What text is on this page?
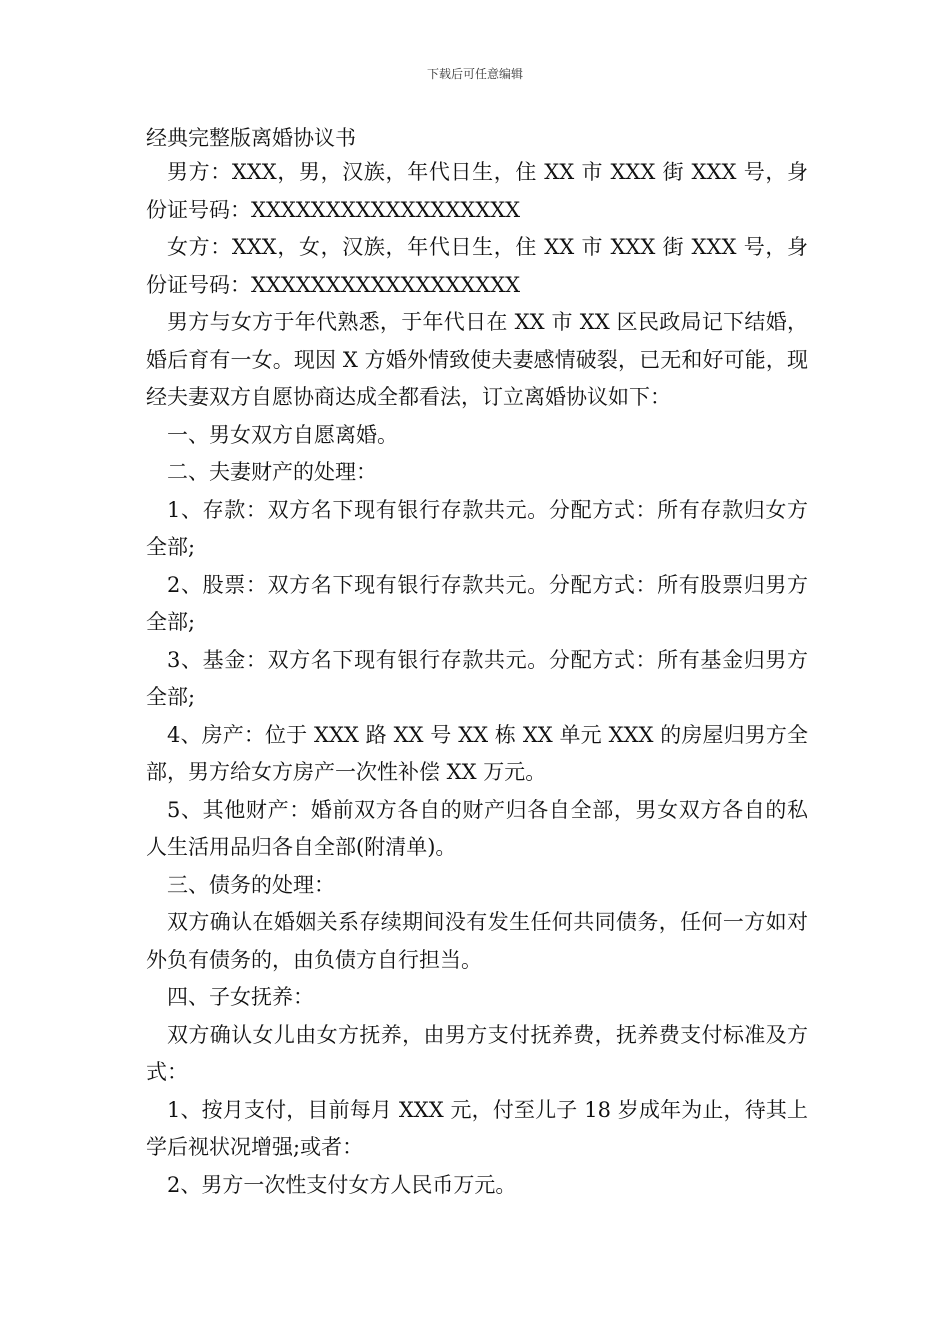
下载后可任意编辑
经典完整版离婚协议书

男方：XXX，男，汉族，年代日生，住 XX 市 XXX 街 XXX 号，身份证号码：XXXXXXXXXXXXXXXXXX

女方：XXX，女，汉族，年代日生，住 XX 市 XXX 街 XXX 号，身份证号码：XXXXXXXXXXXXXXXXXX

男方与女方于年代熟悉，于年代日在 XX 市 XX 区民政局记下结婚，婚后育有一女。现因 X 方婚外情致使夫妻感情破裂，已无和好可能，现经夫妻双方自愿协商达成全都看法，订立离婚协议如下：

一、男女双方自愿离婚。

二、夫妻财产的处理：

1、存款：双方名下现有银行存款共元。分配方式：所有存款归女方全部;

2、股票：双方名下现有银行存款共元。分配方式：所有股票归男方全部;

3、基金：双方名下现有银行存款共元。分配方式：所有基金归男方全部;

4、房产：位于 XXX 路 XX 号 XX 栋 XX 单元 XXX 的房屋归男方全部，男方给女方房产一次性补偿 XX 万元。

5、其他财产：婚前双方各自的财产归各自全部，男女双方各自的私人生活用品归各自全部(附清单)。

三、债务的处理：

双方确认在婚姻关系存续期间没有发生任何共同债务，任何一方如对外负有债务的，由负债方自行担当。

四、子女抚养：

双方确认女儿由女方抚养，由男方支付抚养费，抚养费支付标准及方式：

1、按月支付，目前每月 XXX 元，付至儿子 18 岁成年为止，待其上学后视状况增强;或者：

2、男方一次性支付女方人民币万元。
